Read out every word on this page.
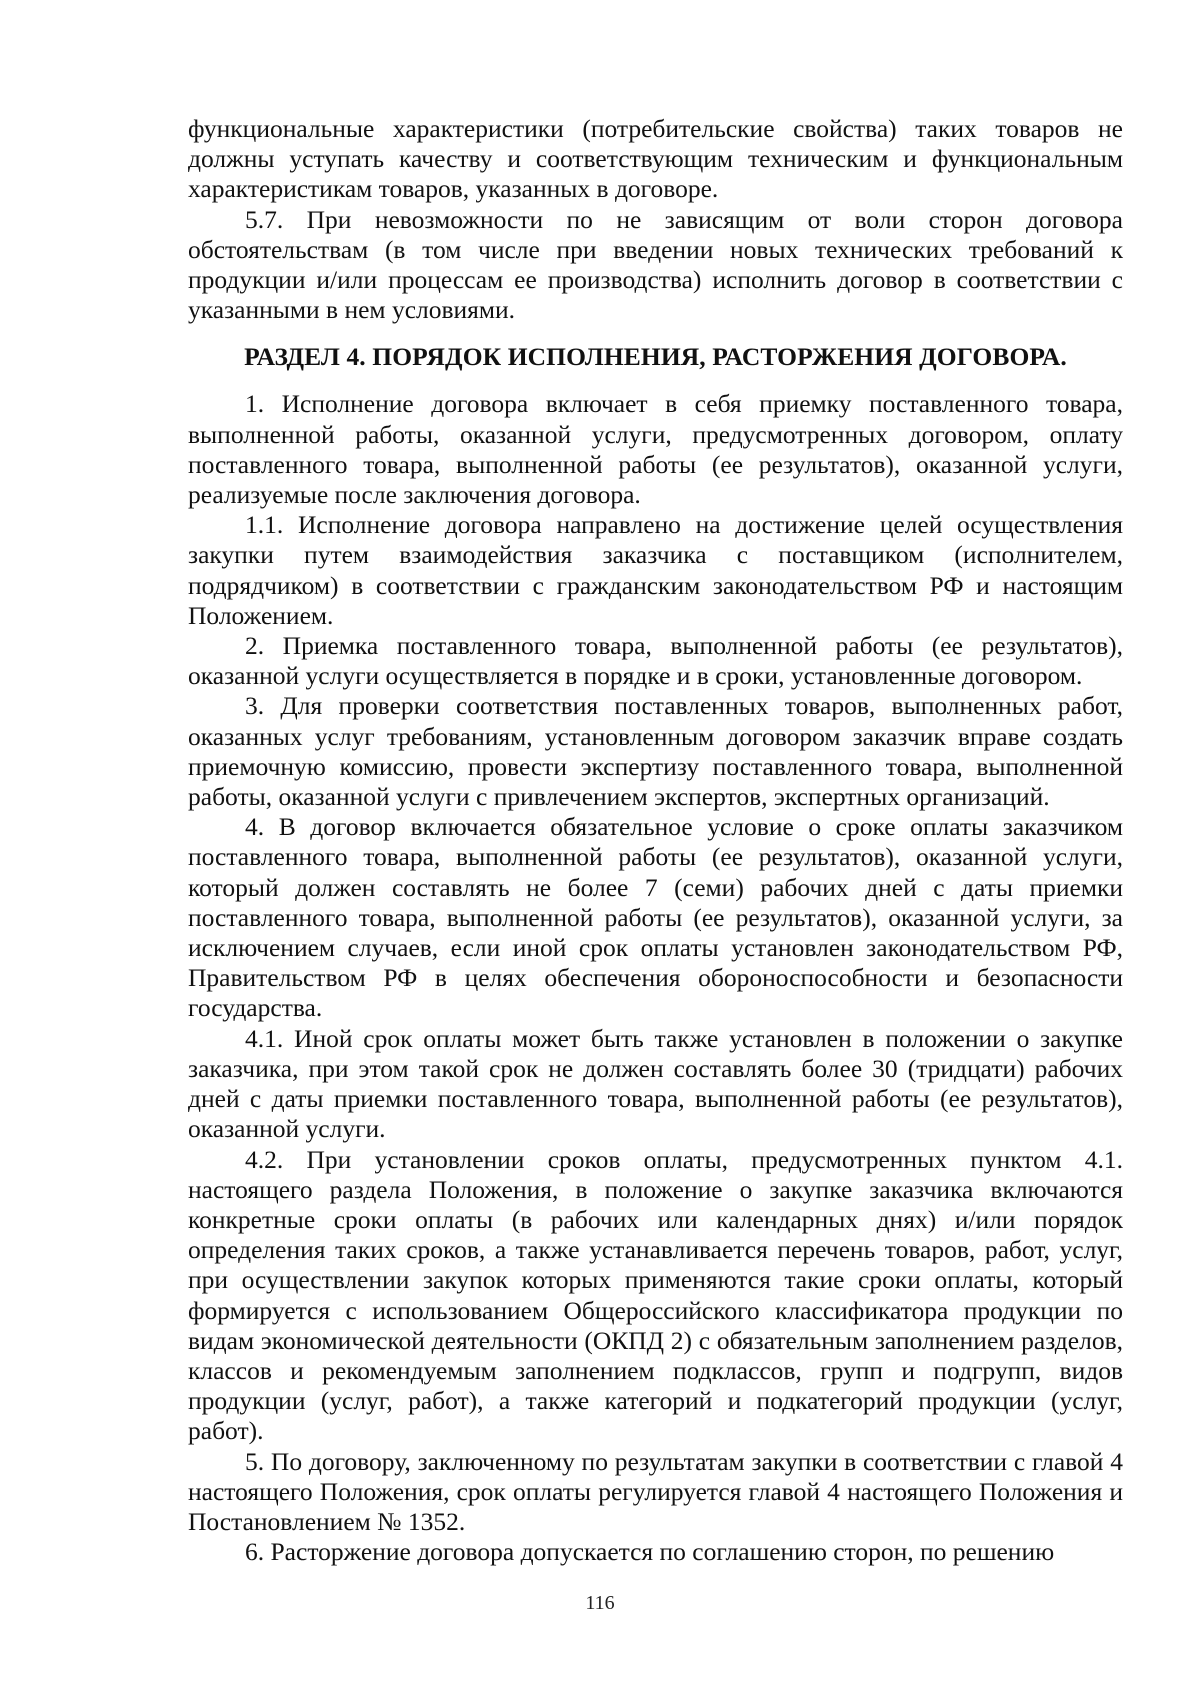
функциональные характеристики (потребительские свойства) таких товаров не должны уступать качеству и соответствующим техническим и функциональным характеристикам товаров, указанных в договоре.

5.7. При невозможности по не зависящим от воли сторон договора обстоятельствам (в том числе при введении новых технических требований к продукции и/или процессам ее производства) исполнить договор в соответствии с указанными в нем условиями.

РАЗДЕЛ 4. ПОРЯДОК ИСПОЛНЕНИЯ, РАСТОРЖЕНИЯ ДОГОВОРА.

1. Исполнение договора включает в себя приемку поставленного товара, выполненной работы, оказанной услуги, предусмотренных договором, оплату поставленного товара, выполненной работы (ее результатов), оказанной услуги, реализуемые после заключения договора.

1.1. Исполнение договора направлено на достижение целей осуществления закупки путем взаимодействия заказчика с поставщиком (исполнителем, подрядчиком) в соответствии с гражданским законодательством РФ и настоящим Положением.

2. Приемка поставленного товара, выполненной работы (ее результатов), оказанной услуги осуществляется в порядке и в сроки, установленные договором.

3. Для проверки соответствия поставленных товаров, выполненных работ, оказанных услуг требованиям, установленным договором заказчик вправе создать приемочную комиссию, провести экспертизу поставленного товара, выполненной работы, оказанной услуги с привлечением экспертов, экспертных организаций.

4. В договор включается обязательное условие о сроке оплаты заказчиком поставленного товара, выполненной работы (ее результатов), оказанной услуги, который должен составлять не более 7 (семи) рабочих дней с даты приемки поставленного товара, выполненной работы (ее результатов), оказанной услуги, за исключением случаев, если иной срок оплаты установлен законодательством РФ, Правительством РФ в целях обеспечения обороноспособности и безопасности государства.

4.1. Иной срок оплаты может быть также установлен в положении о закупке заказчика, при этом такой срок не должен составлять более 30 (тридцати) рабочих дней с даты приемки поставленного товара, выполненной работы (ее результатов), оказанной услуги.

4.2. При установлении сроков оплаты, предусмотренных пунктом 4.1. настоящего раздела Положения, в положение о закупке заказчика включаются конкретные сроки оплаты (в рабочих или календарных днях) и/или порядок определения таких сроков, а также устанавливается перечень товаров, работ, услуг, при осуществлении закупок которых применяются такие сроки оплаты, который формируется с использованием Общероссийского классификатора продукции по видам экономической деятельности (ОКПД 2) с обязательным заполнением разделов, классов и рекомендуемым заполнением подклассов, групп и подгрупп, видов продукции (услуг, работ), а также категорий и подкатегорий продукции (услуг, работ).

5. По договору, заключенному по результатам закупки в соответствии с главой 4 настоящего Положения, срок оплаты регулируется главой 4 настоящего Положения и Постановлением № 1352.

6. Расторжение договора допускается по соглашению сторон, по решению

116
